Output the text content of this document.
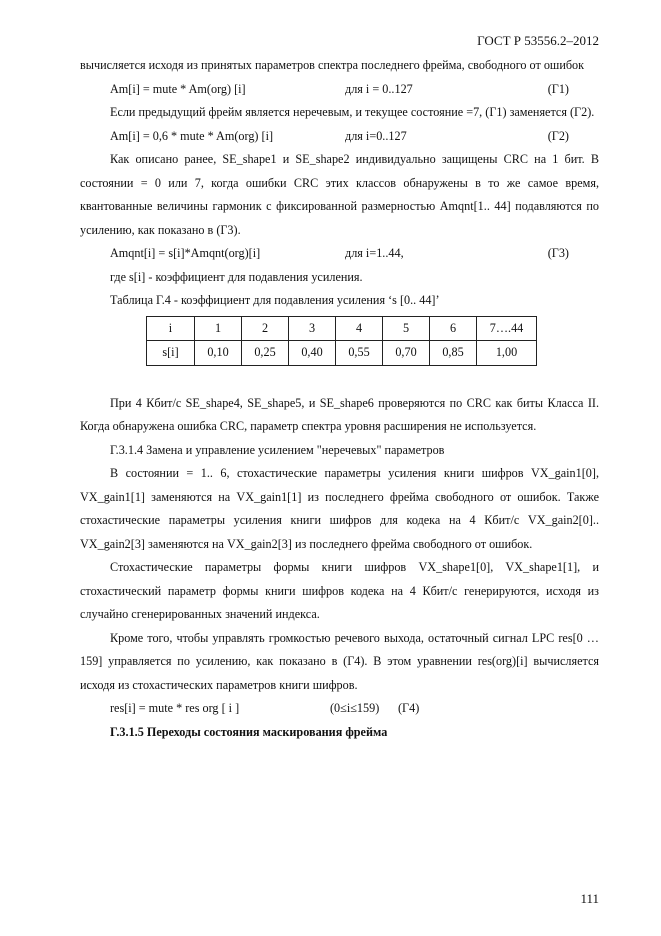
ГОСТ Р 53556.2–2012

вычисляется исходя из принятых параметров спектра последнего фрейма, свободного от ошибок

Am[i] = mute * Am(org) [i]	для i = 0..127	(Г1)

Если предыдущий фрейм является неречевым, и текущее состояние =7, (Г1) заменяется (Г2).

Am[i] = 0,6 * mute * Am(org) [i]	для i=0..127	(Г2)

Как описано ранее, SE_shape1 и SE_shape2 индивидуально защищены CRC на 1 бит. В состоянии = 0 или 7, когда ошибки CRC этих классов обнаружены в то же самое время, квантованные величины гармоник с фиксированной размерностью Amqnt[1.. 44] подавляются по усилению, как показано в (Г3).

Amqnt[i] = s[i]*Amqnt(org)[i]	для i=1..44,	(Г3)
где s[i] - коэффициент для подавления усиления.
Таблица Г.4 - коэффициент для подавления усиления ‘s [0.. 44]’
i	1	2	3	4	5	6	7….44
s[i]	0,10	0,25	0,40	0,55	0,70	0,85	1,00

При 4 Кбит/с SE_shape4, SE_shape5, и SE_shape6 проверяются по CRC как биты Класса II. Когда обнаружена ошибка CRC, параметр спектра уровня расширения не используется.

Г.3.1.4 Замена и управление усилением "неречевых" параметров

В состоянии = 1.. 6, стохастические параметры усиления книги шифров VX_gain1[0], VX_gain1[1] заменяются на VX_gain1[1] из последнего фрейма свободного от ошибок. Также стохастические параметры усиления книги шифров для кодека на 4 Кбит/с VX_gain2[0].. VX_gain2[3] заменяются на VX_gain2[3] из последнего фрейма свободного от ошибок.

Стохастические параметры формы книги шифров VX_shape1[0], VX_shape1[1], и стохастический параметр формы книги шифров кодека на 4 Кбит/с генерируются, исходя из случайно сгенерированных значений индекса.

Кроме того, чтобы управлять громкостью речевого выхода, остаточный сигнал LPC res[0 … 159] управляется по усилению, как показано в (Г4). В этом уравнении res(org)[i] вычисляется исходя из стохастических параметров книги шифров.

res[i] = mute * res org [ i ]	(0≤i≤159) (Г4)
Г.3.1.5 Переходы состояния маскирования фрейма
111
